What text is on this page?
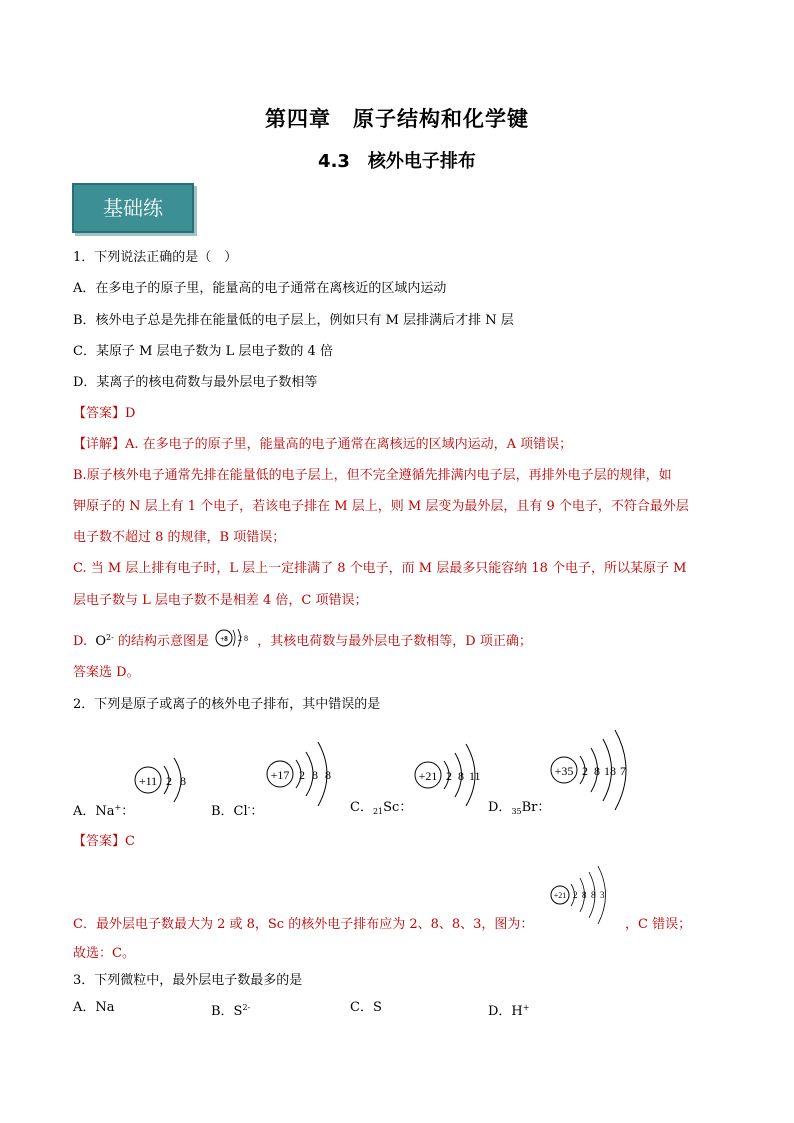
第四章　原子结构和化学键
4.3　核外电子排布
基础练
1．下列说法正确的是（　）
A．在多电子的原子里，能量高的电子通常在离核近的区域内运动
B．核外电子总是先排在能量低的电子层上，例如只有 M 层排满后才排 N 层
C．某原子 M 层电子数为 L 层电子数的 4 倍
D．某离子的核电荷数与最外层电子数相等
【答案】D
【详解】A. 在多电子的原子里，能量高的电子通常在离核远的区域内运动，A 项错误；
B.原子核外电子通常先排在能量低的电子层上，但不完全遵循先排满内电子层，再排外电子层的规律，如
钾原子的 N 层上有 1 个电子，若该电子排在 M 层上，则 M 层变为最外层，且有 9 个电子，不符合最外层
电子数不超过 8 的规律，B 项错误；
C. 当 M 层上排有电子时，L 层上一定排满了 8 个电子，而 M 层最多只能容纳 18 个电子，所以某原子 M
层电子数与 L 层电子数不是相差 4 倍，C 项错误；
D. $O^{2-}$ 的结构示意图是	，其核电荷数与最外层电子数相等，D 项正确；
+8 2 8
答案选 D。
2．下列是原子或离子的核外电子排布，其中错误的是
+11 2 8	+17 2 8 8	+21 2 8 11	+35 2 8 18 7
A．Na+：	B．Cl-：	C．$_{21}$Sc：	D．$_{35}$Br：
【答案】C
+21 2 8 8 3
C．最外层电子数最大为 2 或 8，Sc 的核外电子排布应为 2、8、8、3，图为：	，C 错误；
故选：C。
3．下列微粒中，最外层电子数最多的是
A．Na	B．$S^{2-}$	C．S	D．H+
